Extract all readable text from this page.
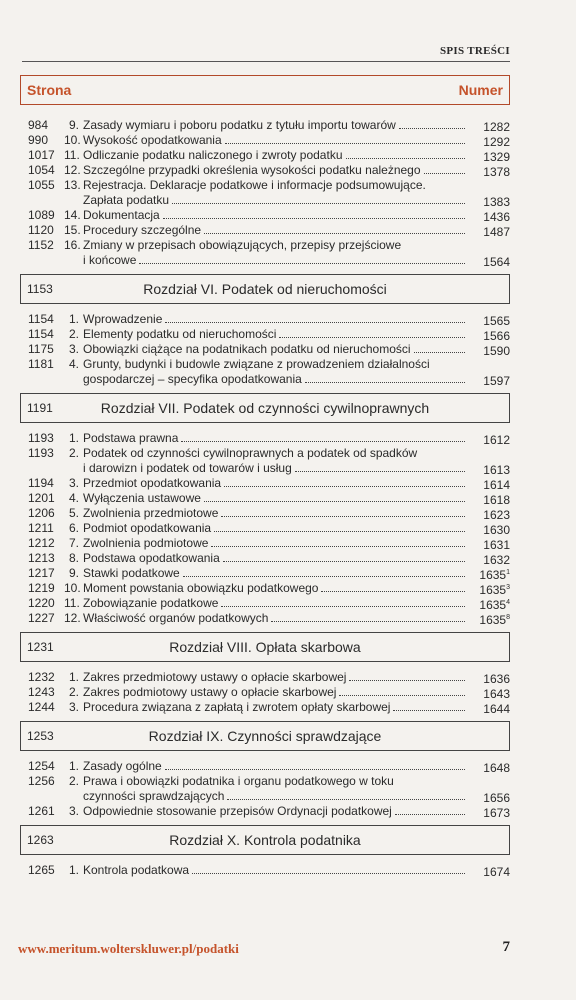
SPIS TREŚCI
Strona	Numer
984	9. Zasady wymiaru i poboru podatku z tytułu importu towarów	1282
990	10. Wysokość opodatkowania	1292
1017 11. Odliczanie podatku naliczonego i zwroty podatku	1329
1054 12. Szczególne przypadki określenia wysokości podatku należnego	1378
1055 13. Rejestracja. Deklaracje podatkowe i informacje podsumowujące.
Zapłata podatku	1383
1089 14. Dokumentacja	1436
1120 15. Procedury szczególne	1487
1152 16. Zmiany w przepisach obowiązujących, przepisy przejściowe
i końcowe	1564
1153	Rozdział VI. Podatek od nieruchomości
1154	1. Wprowadzenie	1565
1154	2. Elementy podatku od nieruchomości	1566
1175	3. Obowiązki ciążące na podatnikach podatku od nieruchomości	1590
1181	4. Grunty, budynki i budowle związane z prowadzeniem działalności
gospodarczej – specyfika opodatkowania	1597
1191	Rozdział VII. Podatek od czynności cywilnoprawnych
1193	1. Podstawa prawna	1612
1193	2. Podatek od czynności cywilnoprawnych a podatek od spadków
i darowizn i podatek od towarów i usług	1613
1194	3. Przedmiot opodatkowania	1614
1201	4. Wyłączenia ustawowe	1618
1206	5. Zwolnienia przedmiotowe	1623
1211	6. Podmiot opodatkowania	1630
1212	7. Zwolnienia podmiotowe	1631
1213	8. Podstawa opodatkowania	1632
1217	9. Stawki podatkowe	1635$^1$
1219 10. Moment powstania obowiązku podatkowego	1635$^3$
1220 11. Zobowiązanie podatkowe	1635$^4$
1227 12. Właściwość organów podatkowych	1635$^8$
1231	Rozdział VIII. Opłata skarbowa
1232	1. Zakres przedmiotowy ustawy o opłacie skarbowej	1636
1243	2. Zakres podmiotowy ustawy o opłacie skarbowej	1643
1244	3. Procedura związana z zapłatą i zwrotem opłaty skarbowej	1644
1253	Rozdział IX. Czynności sprawdzające
1254	1. Zasady ogólne	1648
1256	2. Prawa i obowiązki podatnika i organu podatkowego w toku
czynności sprawdzających	1656
1261	3. Odpowiednie stosowanie przepisów Ordynacji podatkowej	1673
1263	Rozdział X. Kontrola podatnika
1265	1. Kontrola podatkowa	1674
www.meritum.wolterskluwer.pl/podatki	7
